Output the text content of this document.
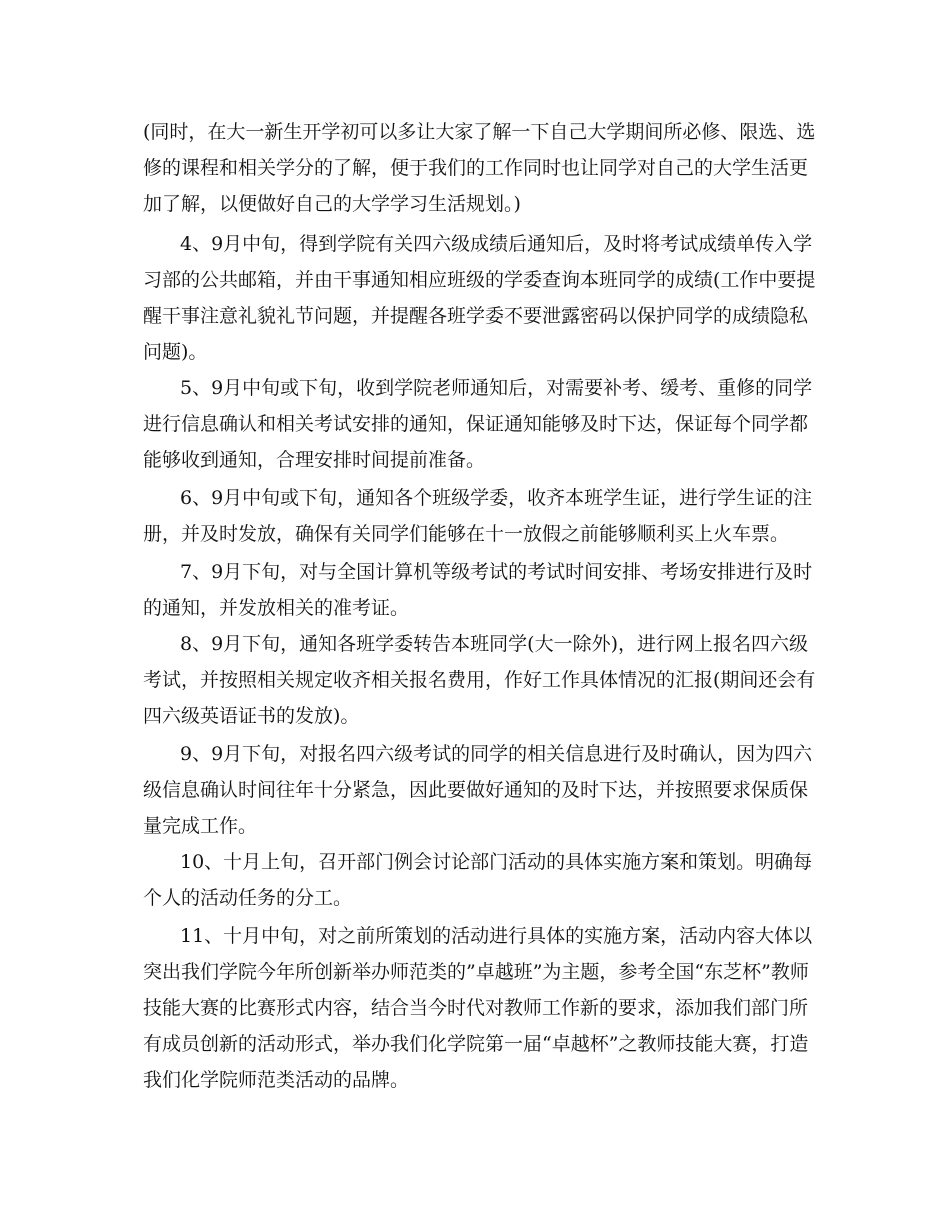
(同时，在大一新生开学初可以多让大家了解一下自己大学期间所必修、限选、选
修的课程和相关学分的了解，便于我们的工作同时也让同学对自己的大学生活更
加了解，以便做好自己的大学学习生活规划。)
4、9月中旬，得到学院有关四六级成绩后通知后，及时将考试成绩单传入学
习部的公共邮箱，并由干事通知相应班级的学委查询本班同学的成绩(工作中要提
醒干事注意礼貌礼节问题，并提醒各班学委不要泄露密码以保护同学的成绩隐私
问题)。
5、9月中旬或下旬，收到学院老师通知后，对需要补考、缓考、重修的同学
进行信息确认和相关考试安排的通知，保证通知能够及时下达，保证每个同学都
能够收到通知，合理安排时间提前准备。
6、9月中旬或下旬，通知各个班级学委，收齐本班学生证，进行学生证的注
册，并及时发放，确保有关同学们能够在十一放假之前能够顺利买上火车票。
7、9月下旬，对与全国计算机等级考试的考试时间安排、考场安排进行及时
的通知，并发放相关的准考证。
8、9月下旬，通知各班学委转告本班同学(大一除外)，进行网上报名四六级
考试，并按照相关规定收齐相关报名费用，作好工作具体情况的汇报(期间还会有
四六级英语证书的发放)。
9、9月下旬，对报名四六级考试的同学的相关信息进行及时确认，因为四六
级信息确认时间往年十分紧急，因此要做好通知的及时下达，并按照要求保质保
量完成工作。
10、十月上旬，召开部门例会讨论部门活动的具体实施方案和策划。明确每
个人的活动任务的分工。
11、十月中旬，对之前所策划的活动进行具体的实施方案，活动内容大体以
突出我们学院今年所创新举办师范类的”卓越班”为主题，参考全国“东芝杯”教师
技能大赛的比赛形式内容，结合当今时代对教师工作新的要求，添加我们部门所
有成员创新的活动形式，举办我们化学院第一届“卓越杯”之教师技能大赛，打造
我们化学院师范类活动的品牌。
